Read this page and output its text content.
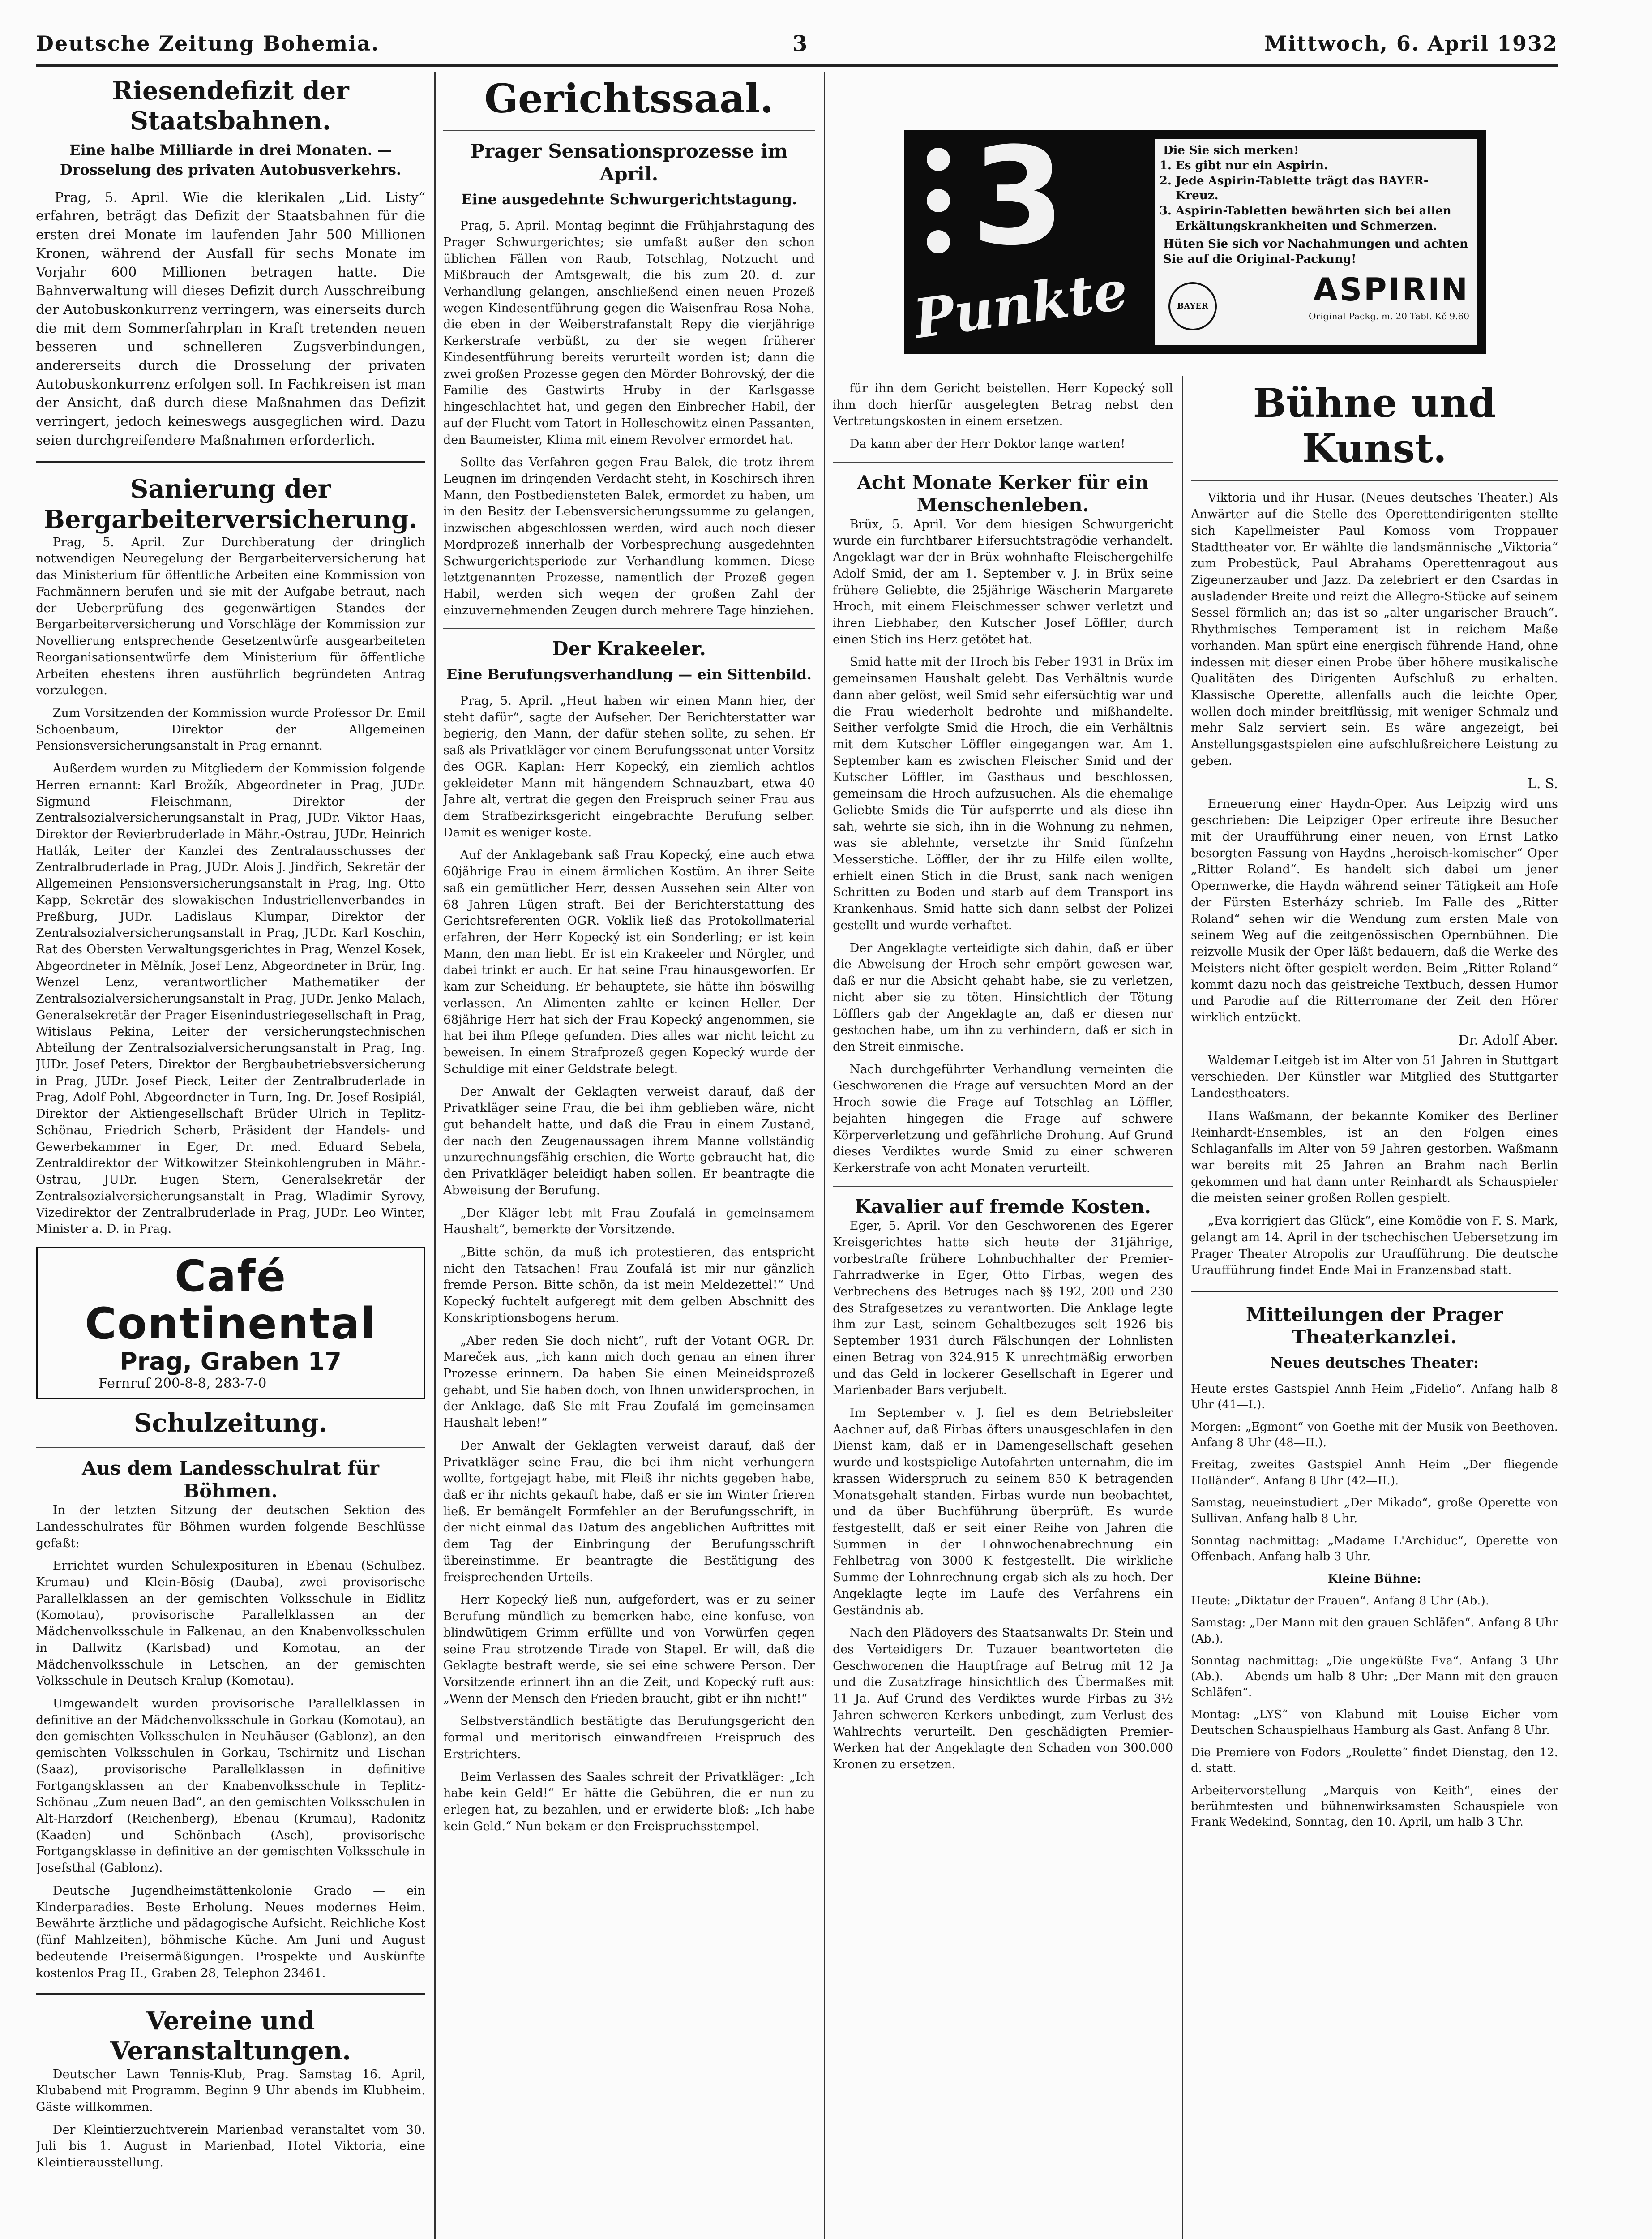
Deutsche Zeitung Bohemia.	3	Mittwoch, 6. April 1932
Riesendefizit der Staatsbahnen.
Eine halbe Milliarde in drei Monaten. — Drosselung des privaten Autobusverkehrs.

Prag, 5. April. Wie die klerikalen „Lid. Listy“ erfahren, beträgt das Defizit der Staatsbahnen für die ersten drei Monate im laufenden Jahr 500 Millionen Kronen, während der Ausfall für sechs Monate im Vorjahr 600 Millionen betragen hatte. Die Bahnverwaltung will dieses Defizit durch Ausschreibung der Autobuskonkurrenz verringern, was einerseits durch die mit dem Sommerfahrplan in Kraft tretenden neuen besseren und schnelleren Zugsverbindungen, andererseits durch die Drosselung der privaten Autobuskonkurrenz erfolgen soll. In Fachkreisen ist man der Ansicht, daß durch diese Maßnahmen das Defizit verringert, jedoch keineswegs ausgeglichen wird. Dazu seien durchgreifendere Maßnahmen erforderlich.

Sanierung der Bergarbeiterversicherung.

Prag, 5. April. Zur Durchberatung der dringlich notwendigen Neuregelung der Bergarbeiterversicherung hat das Ministerium für öffentliche Arbeiten eine Kommission von Fachmännern berufen und sie mit der Aufgabe betraut, nach der Ueberprüfung des gegenwärtigen Standes der Bergarbeiterversicherung und Vorschläge der Kommission zur Novellierung entsprechende Gesetzentwürfe ausgearbeiteten Reorganisationsentwürfe dem Ministerium für öffentliche Arbeiten ehestens ihren ausführlich begründeten Antrag vorzulegen.

Zum Vorsitzenden der Kommission wurde Professor Dr. Emil Schoenbaum, Direktor der Allgemeinen Pensionsversicherungsanstalt in Prag ernannt.

Außerdem wurden zu Mitgliedern der Kommission folgende Herren ernannt: Karl Brožík, Abgeordneter in Prag, JUDr. Sigmund Fleischmann, Direktor der Zentralsozialversicherungsanstalt in Prag, JUDr. Viktor Haas, Direktor der Revierbruderlade in Mähr.-Ostrau, JUDr. Heinrich Hatlák, Leiter der Kanzlei des Zentralausschusses der Zentralbruderlade in Prag, JUDr. Alois J. Jindřich, Sekretär der Allgemeinen Pensionsversicherungsanstalt in Prag, Ing. Otto Kapp, Sekretär des slowakischen Industriellenverbandes in Preßburg, JUDr. Ladislaus Klumpar, Direktor der Zentralsozialversicherungsanstalt in Prag, JUDr. Karl Koschin, Rat des Obersten Verwaltungsgerichtes in Prag, Wenzel Kosek, Abgeordneter in Mělník, Josef Lenz, Abgeordneter in Brür, Ing. Wenzel Lenz, verantwortlicher Mathematiker der Zentralsozialversicherungsanstalt in Prag, JUDr. Jenko Malach, Generalsekretär der Prager Eisenindustriegesellschaft in Prag, Witislaus Pekina, Leiter der versicherungstechnischen Abteilung der Zentralsozialversicherungsanstalt in Prag, Ing. JUDr. Josef Peters, Direktor der Bergbaubetriebsversicherung in Prag, JUDr. Josef Pieck, Leiter der Zentralbruderlade in Prag, Adolf Pohl, Abgeordneter in Turn, Ing. Dr. Josef Rosipiál, Direktor der Aktiengesellschaft Brüder Ulrich in Teplitz-Schönau, Friedrich Scherb, Präsident der Handels- und Gewerbekammer in Eger, Dr. med. Eduard Sebela, Zentraldirektor der Witkowitzer Steinkohlengruben in Mähr.-Ostrau, JUDr. Eugen Stern, Generalsekretär der Zentralsozialversicherungsanstalt in Prag, Wladimir Syrovy, Vizedirektor der Zentralbruderlade in Prag, JUDr. Leo Winter, Minister a. D. in Prag.

Café Continental
Prag, Graben 17
Fernruf 200-8-8, 283-7-0
Schulzeitung.
Aus dem Landesschulrat für Böhmen.

In der letzten Sitzung der deutschen Sektion des Landesschulrates für Böhmen wurden folgende Beschlüsse gefaßt:

Errichtet wurden Schulexposituren in Ebenau (Schulbez. Krumau) und Klein-Bösig (Dauba), zwei provisorische Parallelklassen an der gemischten Volksschule in Eidlitz (Komotau), provisorische Parallelklassen an der Mädchenvolksschule in Falkenau, an den Knabenvolksschulen in Dallwitz (Karlsbad) und Komotau, an der Mädchenvolksschule in Letschen, an der gemischten Volksschule in Deutsch Kralup (Komotau).

Umgewandelt wurden provisorische Parallelklassen in definitive an der Mädchenvolksschule in Gorkau (Komotau), an den gemischten Volksschulen in Neuhäuser (Gablonz), an den gemischten Volksschulen in Gorkau, Tschirnitz und Lischan (Saaz), provisorische Parallelklassen in definitive Fortgangsklassen an der Knabenvolksschule in Teplitz-Schönau „Zum neuen Bad“, an den gemischten Volksschulen in Alt-Harzdorf (Reichenberg), Ebenau (Krumau), Radonitz (Kaaden) und Schönbach (Asch), provisorische Fortgangsklasse in definitive an der gemischten Volksschule in Josefsthal (Gablonz).

Deutsche Jugendheimstättenkolonie Grado — ein Kinderparadies. Beste Erholung. Neues modernes Heim. Bewährte ärztliche und pädagogische Aufsicht. Reichliche Kost (fünf Mahlzeiten), böhmische Küche. Am Juni und August bedeutende Preisermäßigungen. Prospekte und Auskünfte kostenlos Prag II., Graben 28, Telephon 23461.

Vereine und Veranstaltungen.

Deutscher Lawn Tennis-Klub, Prag. Samstag 16. April, Klubabend mit Programm. Beginn 9 Uhr abends im Klubheim. Gäste willkommen.

Der Kleintierzuchtverein Marienbad veranstaltet vom 30. Juli bis 1. August in Marienbad, Hotel Viktoria, eine Kleintierausstellung.

Gerichtssaal.
Prager Sensationsprozesse im April.
Eine ausgedehnte Schwurgerichtstagung.

Prag, 5. April. Montag beginnt die Frühjahrstagung des Prager Schwurgerichtes; sie umfaßt außer den schon üblichen Fällen von Raub, Totschlag, Notzucht und Mißbrauch der Amtsgewalt, die bis zum 20. d. zur Verhandlung gelangen, anschließend einen neuen Prozeß wegen Kindesentführung gegen die Waisenfrau Rosa Noha, die eben in der Weiberstrafanstalt Repy die vierjährige Kerkerstrafe verbüßt, zu der sie wegen früherer Kindesentführung bereits verurteilt worden ist; dann die zwei großen Prozesse gegen den Mörder Bohrovský, der die Familie des Gastwirts Hruby in der Karlsgasse hingeschlachtet hat, und gegen den Einbrecher Habil, der auf der Flucht vom Tatort in Holleschowitz einen Passanten, den Baumeister, Klima mit einem Revolver ermordet hat.

Sollte das Verfahren gegen Frau Balek, die trotz ihrem Leugnen im dringenden Verdacht steht, in Koschirsch ihren Mann, den Postbediensteten Balek, ermordet zu haben, um in den Besitz der Lebensversicherungssumme zu gelangen, inzwischen abgeschlossen werden, wird auch noch dieser Mordprozeß innerhalb der Vorbesprechung ausgedehnten Schwurgerichtsperiode zur Verhandlung kommen. Diese letztgenannten Prozesse, namentlich der Prozeß gegen Habil, werden sich wegen der großen Zahl der einzuvernehmenden Zeugen durch mehrere Tage hinziehen.

Der Krakeeler.
Eine Berufungsverhandlung — ein Sittenbild.

Prag, 5. April. „Heut haben wir einen Mann hier, der steht dafür“, sagte der Aufseher. Der Berichterstatter war begierig, den Mann, der dafür stehen sollte, zu sehen. Er saß als Privatkläger vor einem Berufungssenat unter Vorsitz des OGR. Kaplan: Herr Kopecký, ein ziemlich achtlos gekleideter Mann mit hängendem Schnauzbart, etwa 40 Jahre alt, vertrat die gegen den Freispruch seiner Frau aus dem Strafbezirksgericht eingebrachte Berufung selber. Damit es weniger koste.

Auf der Anklagebank saß Frau Kopecký, eine auch etwa 60jährige Frau in einem ärmlichen Kostüm. An ihrer Seite saß ein gemütlicher Herr, dessen Aussehen sein Alter von 68 Jahren Lügen straft. Bei der Berichterstattung des Gerichtsreferenten OGR. Voklik ließ das Protokollmaterial erfahren, der Herr Kopecký ist ein Sonderling; er ist kein Mann, den man liebt. Er ist ein Krakeeler und Nörgler, und dabei trinkt er auch. Er hat seine Frau hinausgeworfen. Er kam zur Scheidung. Er behauptete, sie hätte ihn böswillig verlassen. An Alimenten zahlte er keinen Heller. Der 68jährige Herr hat sich der Frau Kopecký angenommen, sie hat bei ihm Pflege gefunden. Dies alles war nicht leicht zu beweisen. In einem Strafprozeß gegen Kopecký wurde der Schuldige mit einer Geldstrafe belegt.

Der Anwalt der Geklagten verweist darauf, daß der Privatkläger seine Frau, die bei ihm geblieben wäre, nicht gut behandelt hatte, und daß die Frau in einem Zustand, der nach den Zeugenaussagen ihrem Manne vollständig unzurechnungsfähig erschien, die Worte gebraucht hat, die den Privatkläger beleidigt haben sollen. Er beantragte die Abweisung der Berufung.

„Der Kläger lebt mit Frau Zoufalá in gemeinsamem Haushalt“, bemerkte der Vorsitzende.

„Bitte schön, da muß ich protestieren, das entspricht nicht den Tatsachen! Frau Zoufalá ist mir nur gänzlich fremde Person. Bitte schön, da ist mein Meldezettel!“ Und Kopecký fuchtelt aufgeregt mit dem gelben Abschnitt des Konskriptionsbogens herum.

„Aber reden Sie doch nicht“, ruft der Votant OGR. Dr. Mareček aus, „ich kann mich doch genau an einen ihrer Prozesse erinnern. Da haben Sie einen Meineidsprozeß gehabt, und Sie haben doch, von Ihnen unwidersprochen, in der Anklage, daß Sie mit Frau Zoufalá im gemeinsamen Haushalt leben!“

Der Anwalt der Geklagten verweist darauf, daß der Privatkläger seine Frau, die bei ihm nicht verhungern wollte, fortgejagt habe, mit Fleiß ihr nichts gegeben habe, daß er ihr nichts gekauft habe, daß er sie im Winter frieren ließ. Er bemängelt Formfehler an der Berufungsschrift, in der nicht einmal das Datum des angeblichen Auftrittes mit dem Tag der Einbringung der Berufungsschrift übereinstimme. Er beantragte die Bestätigung des freisprechenden Urteils.

Herr Kopecký ließ nun, aufgefordert, was er zu seiner Berufung mündlich zu bemerken habe, eine konfuse, von blindwütigem Grimm erfüllte und von Vorwürfen gegen seine Frau strotzende Tirade von Stapel. Er will, daß die Geklagte bestraft werde, sie sei eine schwere Person. Der Vorsitzende erinnert ihn an die Zeit, und Kopecký ruft aus: „Wenn der Mensch den Frieden braucht, gibt er ihn nicht!“

Selbstverständlich bestätigte das Berufungsgericht den formal und meritorisch einwandfreien Freispruch des Erstrichters.

Beim Verlassen des Saales schreit der Privatkläger: „Ich habe kein Geld!“ Er hätte die Gebühren, die er nun zu erlegen hat, zu bezahlen, und er erwiderte bloß: „Ich habe kein Geld.“ Nun bekam er den Freispruchsstempel.

3
Punkte
Die Sie sich merken!
1. Es gibt nur ein Aspirin.
2. Jede Aspirin-Tablette trägt das BAYER-Kreuz.
3. Aspirin-Tabletten bewährten sich bei allen Erkältungskrankheiten und Schmerzen.
Hüten Sie sich vor Nachahmungen und achten Sie auf die Original-Packung!
ASPIRIN
Original-Packg. m. 20 Tabl. Kč 9.60
BAYER

für ihn dem Gericht beistellen. Herr Kopecký soll ihm doch hierfür ausgelegten Betrag nebst den Vertretungskosten in einem ersetzen.

Da kann aber der Herr Doktor lange warten!

Acht Monate Kerker für ein Menschenleben.

Brüx, 5. April. Vor dem hiesigen Schwurgericht wurde ein furchtbarer Eifersuchtstragödie verhandelt. Angeklagt war der in Brüx wohnhafte Fleischergehilfe Adolf Smid, der am 1. September v. J. in Brüx seine frühere Geliebte, die 25jährige Wäscherin Margarete Hroch, mit einem Fleischmesser schwer verletzt und ihren Liebhaber, den Kutscher Josef Löffler, durch einen Stich ins Herz getötet hat.

Smid hatte mit der Hroch bis Feber 1931 in Brüx im gemeinsamen Haushalt gelebt. Das Verhältnis wurde dann aber gelöst, weil Smid sehr eifersüchtig war und die Frau wiederholt bedrohte und mißhandelte. Seither verfolgte Smid die Hroch, die ein Verhältnis mit dem Kutscher Löffler eingegangen war. Am 1. September kam es zwischen Fleischer Smid und der Kutscher Löffler, im Gasthaus und beschlossen, gemeinsam die Hroch aufzusuchen. Als die ehemalige Geliebte Smids die Tür aufsperrte und als diese ihn sah, wehrte sie sich, ihn in die Wohnung zu nehmen, was sie ablehnte, versetzte ihr Smid fünfzehn Messerstiche. Löffler, der ihr zu Hilfe eilen wollte, erhielt einen Stich in die Brust, sank nach wenigen Schritten zu Boden und starb auf dem Transport ins Krankenhaus. Smid hatte sich dann selbst der Polizei gestellt und wurde verhaftet.

Der Angeklagte verteidigte sich dahin, daß er über die Abweisung der Hroch sehr empört gewesen war, daß er nur die Absicht gehabt habe, sie zu verletzen, nicht aber sie zu töten. Hinsichtlich der Tötung Löfflers gab der Angeklagte an, daß er diesen nur gestochen habe, um ihn zu verhindern, daß er sich in den Streit einmische.

Nach durchgeführter Verhandlung verneinten die Geschworenen die Frage auf versuchten Mord an der Hroch sowie die Frage auf Totschlag an Löffler, bejahten hingegen die Frage auf schwere Körperverletzung und gefährliche Drohung. Auf Grund dieses Verdiktes wurde Smid zu einer schweren Kerkerstrafe von acht Monaten verurteilt.

Kavalier auf fremde Kosten.

Eger, 5. April. Vor den Geschworenen des Egerer Kreisgerichtes hatte sich heute der 31jährige, vorbestrafte frühere Lohnbuchhalter der Premier-Fahrradwerke in Eger, Otto Firbas, wegen des Verbrechens des Betruges nach §§ 192, 200 und 230 des Strafgesetzes zu verantworten. Die Anklage legte ihm zur Last, seinem Gehaltbezuges seit 1926 bis September 1931 durch Fälschungen der Lohnlisten einen Betrag von 324.915 K unrechtmäßig erworben und das Geld in lockerer Gesellschaft in Egerer und Marienbader Bars verjubelt.

Im September v. J. fiel es dem Betriebsleiter Aachner auf, daß Firbas öfters unausgeschlafen in den Dienst kam, daß er in Damengesellschaft gesehen wurde und kostspielige Autofahrten unternahm, die im krassen Widerspruch zu seinem 850 K betragenden Monatsgehalt standen. Firbas wurde nun beobachtet, und da über Buchführung überprüft. Es wurde festgestellt, daß er seit einer Reihe von Jahren die Summen in der Lohnwochenabrechnung ein Fehlbetrag von 3000 K festgestellt. Die wirkliche Summe der Lohnrechnung ergab sich als zu hoch. Der Angeklagte legte im Laufe des Verfahrens ein Geständnis ab.

Nach den Plädoyers des Staatsanwalts Dr. Stein und des Verteidigers Dr. Tuzauer beantworteten die Geschworenen die Hauptfrage auf Betrug mit 12 Ja und die Zusatzfrage hinsichtlich des Übermaßes mit 11 Ja. Auf Grund des Verdiktes wurde Firbas zu 3½ Jahren schweren Kerkers unbedingt, zum Verlust des Wahlrechts verurteilt. Den geschädigten Premier-Werken hat der Angeklagte den Schaden von 300.000 Kronen zu ersetzen.

Bühne und Kunst.

Viktoria und ihr Husar. (Neues deutsches Theater.) Als Anwärter auf die Stelle des Operettendirigenten stellte sich Kapellmeister Paul Komoss vom Troppauer Stadttheater vor. Er wählte die landsmännische „Viktoria“ zum Probestück, Paul Abrahams Operettenragout aus Zigeunerzauber und Jazz. Da zelebriert er den Csardas in ausladender Breite und reizt die Allegro-Stücke auf seinem Sessel förmlich an; das ist so „alter ungarischer Brauch“. Rhythmisches Temperament ist in reichem Maße vorhanden. Man spürt eine energisch führende Hand, ohne indessen mit dieser einen Probe über höhere musikalische Qualitäten des Dirigenten Aufschluß zu erhalten. Klassische Operette, allenfalls auch die leichte Oper, wollen doch minder breitflüssig, mit weniger Schmalz und mehr Salz serviert sein. Es wäre angezeigt, bei Anstellungsgastspielen eine aufschlußreichere Leistung zu geben.

L. S.

Erneuerung einer Haydn-Oper. Aus Leipzig wird uns geschrieben: Die Leipziger Oper erfreute ihre Besucher mit der Uraufführung einer neuen, von Ernst Latko besorgten Fassung von Haydns „heroisch-komischer“ Oper „Ritter Roland“. Es handelt sich dabei um jener Opernwerke, die Haydn während seiner Tätigkeit am Hofe der Fürsten Esterházy schrieb. Im Falle des „Ritter Roland“ sehen wir die Wendung zum ersten Male von seinem Weg auf die zeitgenössischen Opernbühnen. Die reizvolle Musik der Oper läßt bedauern, daß die Werke des Meisters nicht öfter gespielt werden. Beim „Ritter Roland“ kommt dazu noch das geistreiche Textbuch, dessen Humor und Parodie auf die Ritterromane der Zeit den Hörer wirklich entzückt.

Dr. Adolf Aber.

Waldemar Leitgeb ist im Alter von 51 Jahren in Stuttgart verschieden. Der Künstler war Mitglied des Stuttgarter Landestheaters.

Hans Waßmann, der bekannte Komiker des Berliner Reinhardt-Ensembles, ist an den Folgen eines Schlaganfalls im Alter von 59 Jahren gestorben. Waßmann war bereits mit 25 Jahren an Brahm nach Berlin gekommen und hat dann unter Reinhardt als Schauspieler die meisten seiner großen Rollen gespielt.

„Eva korrigiert das Glück“, eine Komödie von F. S. Mark, gelangt am 14. April in der tschechischen Uebersetzung im Prager Theater Atropolis zur Uraufführung. Die deutsche Uraufführung findet Ende Mai in Franzensbad statt.

Mitteilungen der Prager Theaterkanzlei.
Neues deutsches Theater:

Heute erstes Gastspiel Annh Heim „Fidelio“. Anfang halb 8 Uhr (41—I.).

Morgen: „Egmont“ von Goethe mit der Musik von Beethoven. Anfang 8 Uhr (48—II.).

Freitag, zweites Gastspiel Annh Heim „Der fliegende Holländer“. Anfang 8 Uhr (42—II.).

Samstag, neueinstudiert „Der Mikado“, große Operette von Sullivan. Anfang halb 8 Uhr.

Sonntag nachmittag: „Madame L'Archiduc“, Operette von Offenbach. Anfang halb 3 Uhr.

Kleine Bühne:

Heute: „Diktatur der Frauen“. Anfang 8 Uhr (Ab.).

Samstag: „Der Mann mit den grauen Schläfen“. Anfang 8 Uhr (Ab.).

Sonntag nachmittag: „Die ungeküßte Eva“. Anfang 3 Uhr (Ab.). — Abends um halb 8 Uhr: „Der Mann mit den grauen Schläfen“.

Montag: „LYS“ von Klabund mit Louise Eicher vom Deutschen Schauspielhaus Hamburg als Gast. Anfang 8 Uhr.

Die Premiere von Fodors „Roulette“ findet Dienstag, den 12. d. statt.

Arbeitervorstellung „Marquis von Keith“, eines der berühmtesten und bühnenwirksamsten Schauspiele von Frank Wedekind, Sonntag, den 10. April, um halb 3 Uhr.
